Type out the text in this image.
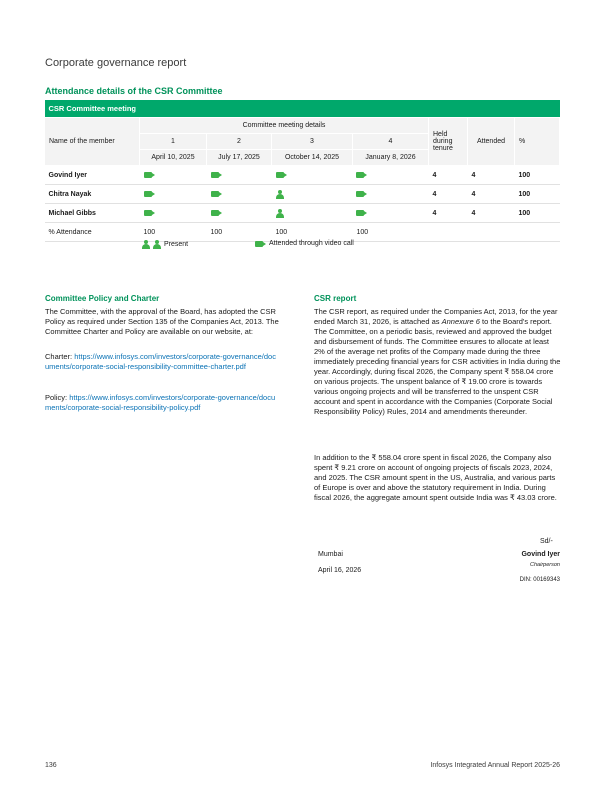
Corporate governance report
Attendance details of the CSR Committee
CSR Committee meeting							
Name of the member	Committee meeting details				Held during tenure	Attended	%
	1	2	3	4			
	April 10, 2025	July 17, 2025	October 14, 2025	January 8, 2026			
Govind Iyer					4	4	100
Chitra Nayak					4	4	100
Michael Gibbs					4	4	100
% Attendance	100	100	100	100			
Present	Attended through video call
Committee Policy and Charter

The Committee, with the approval of the Board, has adopted the CSR Policy as required under Section 135 of the Companies Act, 2013. The Committee Charter and Policy are available on our website, at:

Charter: https://www.infosys.com/investors/corporate-governance/documents/corporate-social-responsibility-committee-charter.pdf

Policy: https://www.infosys.com/investors/corporate-governance/documents/corporate-social-responsibility-policy.pdf

CSR report

The CSR report, as required under the Companies Act, 2013, for the year ended March 31, 2026, is attached as Annexure 6 to the Board's report. The Committee, on a periodic basis, reviewed and approved the budget and disbursement of funds. The Committee ensures to allocate at least 2% of the average net profits of the Company made during the three immediately preceding financial years for CSR activities in India during the year. Accordingly, during fiscal 2026, the Company spent ₹ 558.04 crore on various projects. The unspent balance of ₹ 19.00 crore is towards various ongoing projects and will be transferred to the unspent CSR account and spent in accordance with the Companies (Corporate Social Responsibility Policy) Rules, 2014 and amendments thereunder.

In addition to the ₹ 558.04 crore spent in fiscal 2026, the Company also spent ₹ 9.21 crore on account of ongoing projects of fiscals 2023, 2024, and 2025. The CSR amount spent in the US, Australia, and various parts of Europe is over and above the statutory requirement in India. During fiscal 2026, the aggregate amount spent outside India was ₹ 43.03 crore.

Sd/-
Mumbai
April 16, 2026
Govind Iyer
Chairperson
DIN: 00169343
136	Infosys Integrated Annual Report 2025-26
